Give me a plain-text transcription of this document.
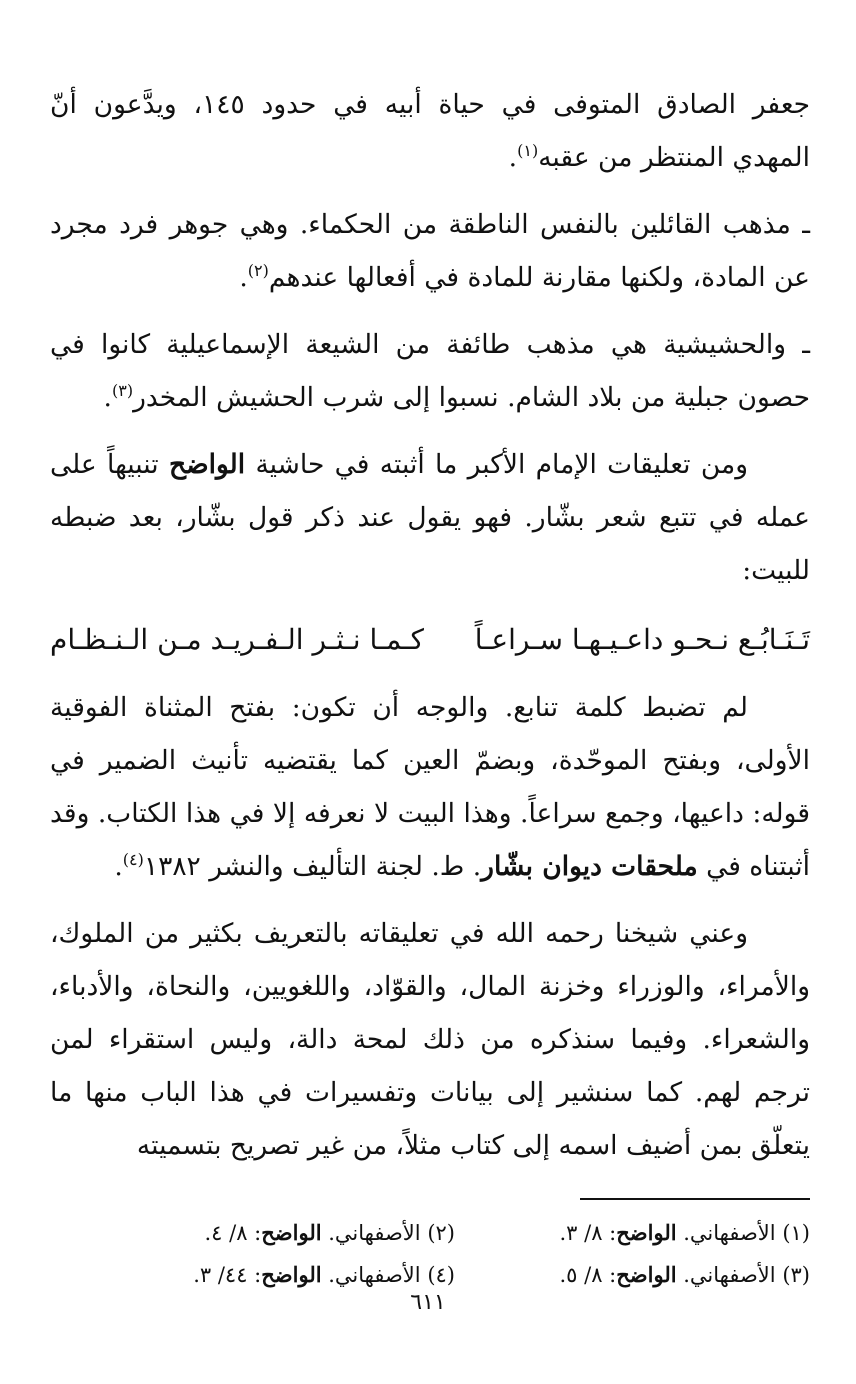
جعفر الصادق المتوفى في حياة أبيه في حدود ١٤٥، ويدَّعون أنّ المهدي المنتظر من عقبه$^{(١)}$.

ـ مذهب القائلين بالنفس الناطقة من الحكماء. وهي جوهر فرد مجرد عن المادة، ولكنها مقارنة للمادة في أفعالها عندهم$^{(٢)}$.

ـ والحشيشية هي مذهب طائفة من الشيعة الإسماعيلية كانوا في حصون جبلية من بلاد الشام. نسبوا إلى شرب الحشيش المخدر$^{(٣)}$.

ومن تعليقات الإمام الأكبر ما أثبته في حاشية الواضح تنبيهاً على عمله في تتبع شعر بشّار. فهو يقول عند ذكر قول بشّار، بعد ضبطه للبيت:

تَـنَـابُـع نـحـو داعـيـهـا سـراعـاً
كـمـا نـثـر الـفـريـد مـن الـنـظـام

لم تضبط كلمة تنابع. والوجه أن تكون: بفتح المثناة الفوقية الأولى، وبفتح الموحّدة، وبضمّ العين كما يقتضيه تأنيث الضمير في قوله: داعيها، وجمع سراعاً. وهذا البيت لا نعرفه إلا في هذا الكتاب. وقد أثبتناه في ملحقات ديوان بشّار. ط. لجنة التأليف والنشر ١٣٨٢$^{(٤)}$.

وعني شيخنا رحمه الله في تعليقاته بالتعريف بكثير من الملوك، والأمراء، والوزراء وخزنة المال، والقوّاد، واللغويين، والنحاة، والأدباء، والشعراء. وفيما سنذكره من ذلك لمحة دالة، وليس استقراء لمن ترجم لهم. كما سنشير إلى بيانات وتفسيرات في هذا الباب منها ما يتعلّق بمن أضيف اسمه إلى كتاب مثلاً، من غير تصريح بتسميته

(١) الأصفهاني. الواضح: ٨/ ٣.
(٢) الأصفهاني. الواضح: ٨/ ٤.
(٣) الأصفهاني. الواضح: ٨/ ٥.
(٤) الأصفهاني. الواضح: ٤٤/ ٣.
٦١١
